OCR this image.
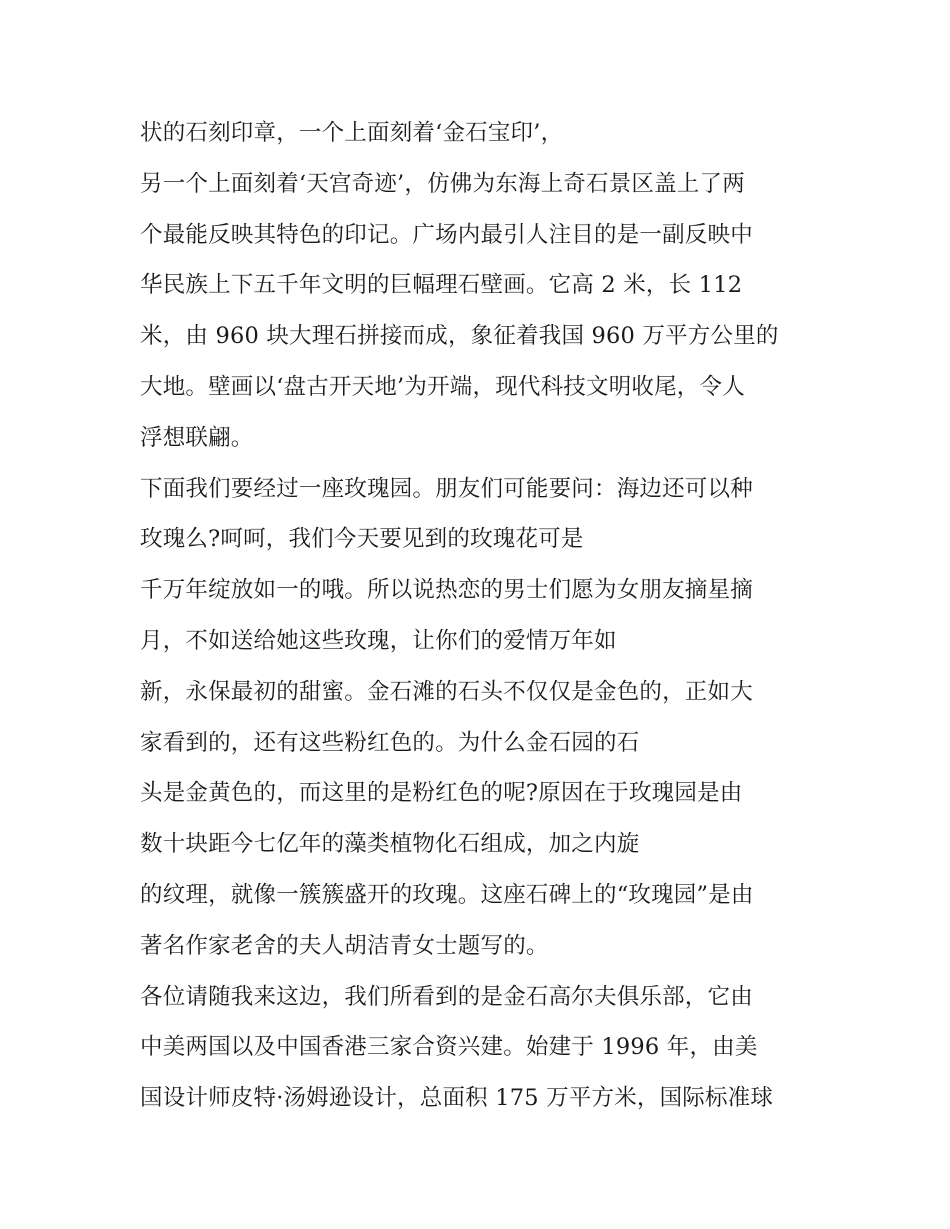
状的石刻印章，一个上面刻着‘金石宝印’，
另一个上面刻着‘天宫奇迹’，仿佛为东海上奇石景区盖上了两
个最能反映其特色的印记。广场内最引人注目的是一副反映中
华民族上下五千年文明的巨幅理石壁画。它高 2 米，长 112
米，由 960 块大理石拼接而成，象征着我国 960 万平方公里的
大地。壁画以‘盘古开天地’为开端，现代科技文明收尾，令人
浮想联翩。
下面我们要经过一座玫瑰园。朋友们可能要问：海边还可以种
玫瑰么?呵呵，我们今天要见到的玫瑰花可是
千万年绽放如一的哦。所以说热恋的男士们愿为女朋友摘星摘
月，不如送给她这些玫瑰，让你们的爱情万年如
新，永保最初的甜蜜。金石滩的石头不仅仅是金色的，正如大
家看到的，还有这些粉红色的。为什么金石园的石
头是金黄色的，而这里的是粉红色的呢?原因在于玫瑰园是由
数十块距今七亿年的藻类植物化石组成，加之内旋
的纹理，就像一簇簇盛开的玫瑰。这座石碑上的“玫瑰园”是由
著名作家老舍的夫人胡洁青女士题写的。
各位请随我来这边，我们所看到的是金石高尔夫俱乐部，它由
中美两国以及中国香港三家合资兴建。始建于 1996 年，由美
国设计师皮特·汤姆逊设计，总面积 175 万平方米，国际标准球
